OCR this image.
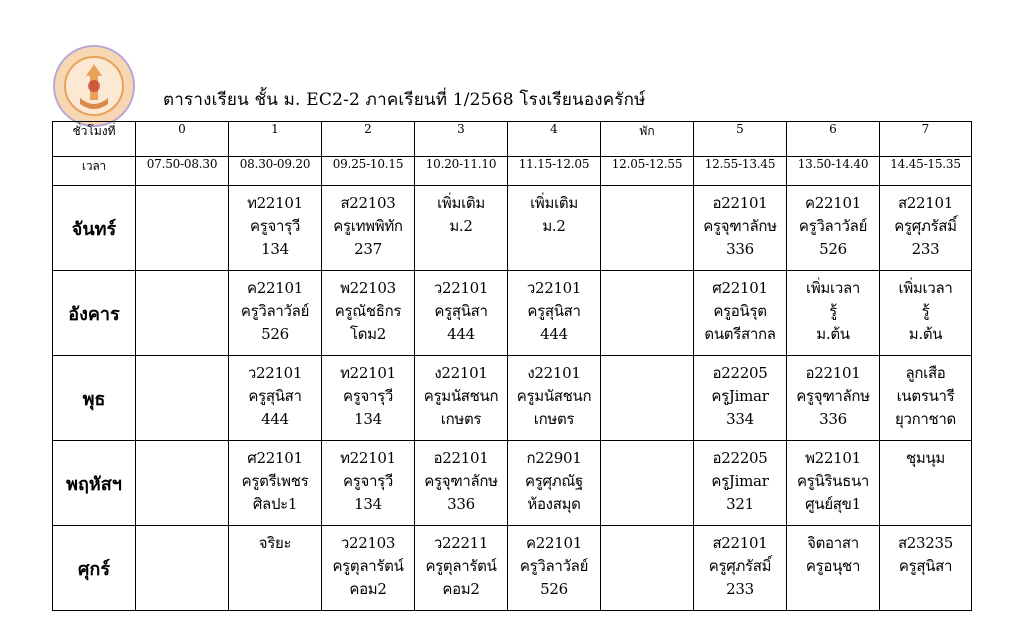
ตารางเรียน ชั้น ม. EC2-2 ภาคเรียนที่ 1/2568 โรงเรียนองครักษ์
ชั่วโมงที่	0	1	2	3	4	พัก	5	6	7
เวลา	07.50-08.30	08.30-09.20	09.25-10.15	10.20-11.10	11.15-12.05	12.05-12.55	12.55-13.45	13.50-14.40	14.45-15.35
จันทร์		ท22101
ครูจารุวี
134	ส22103
ครูเทพพิทัก
237	เพิ่มเติม
ม.2	เพิ่มเติม
ม.2		อ22101
ครูจุฑาลักษ
336	ค22101
ครูวิลาวัลย์
526	ส22101
ครูศุภรัสมิ์
233

อังคาร		ค22101
ครูวิลาวัลย์
526	พ22103
ครูณัชธิกร
โดม2	ว22101
ครูสุนิสา
444	ว22101
ครูสุนิสา
444		ศ22101
ครูอนิรุต
ดนตรีสากล	เพิ่มเวลา
รู้
ม.ต้น	เพิ่มเวลา
รู้
ม.ต้น

พุธ		ว22101
ครูสุนิสา
444	ท22101
ครูจารุวี
134	ง22101
ครูมนัสชนก
เกษตร	ง22101
ครูมนัสชนก
เกษตร		อ22205
ครูJimar
334	อ22101
ครูจุฑาลักษ
336	ลูกเสือ
เนตรนารี
ยุวกาชาด

พฤหัสฯ		ศ22101
ครูตรีเพชร
ศิลปะ1	ท22101
ครูจารุวี
134	อ22101
ครูจุฑาลักษ
336	ก22901
ครูศุภณัฐ
ห้องสมุด		อ22205
ครูJimar
321	พ22101
ครูนิรินธนา
ศูนย์สุข1	ชุมนุม

ศุกร์		จริยะ	ว22103
ครูตุลารัตน์
คอม2	ว22211
ครูตุลารัตน์
คอม2	ค22101
ครูวิลาวัลย์
526		ส22101
ครูศุภรัสมิ์
233	จิตอาสา
ครูอนุชา	ส23235
ครูสุนิสา
